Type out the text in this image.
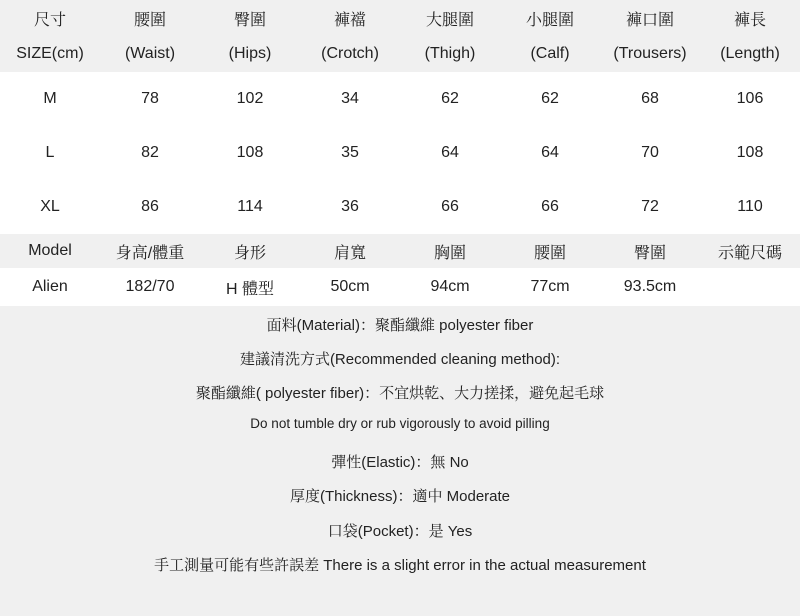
尺寸	腰圍	臀圍	褲襠	大腿圍	小腿圍	褲口圍	褲長
SIZE(cm)	(Waist)	(Hips)	(Crotch)	(Thigh)	(Calf)	(Trousers)	(Length)
M	78	102	34	62	62	68	106
L	82	108	35	64	64	70	108
XL	86	114	36	66	66	72	110
Model	身高/體重	身形	肩寬	胸圍	腰圍	臀圍	示範尺碼
Alien	182/70	H 體型	50cm	94cm	77cm	93.5cm
面料(Material)：聚酯纖維 polyester fiber
建議清洗方式(Recommended cleaning method):
聚酯纖維( polyester fiber)：不宜烘乾、大力搓揉，避免起毛球
Do not tumble dry or rub vigorously to avoid pilling
彈性(Elastic)：無 No
厚度(Thickness)：適中 Moderate
口袋(Pocket)：是 Yes
手工測量可能有些許誤差 There is a slight error in the actual measurement
